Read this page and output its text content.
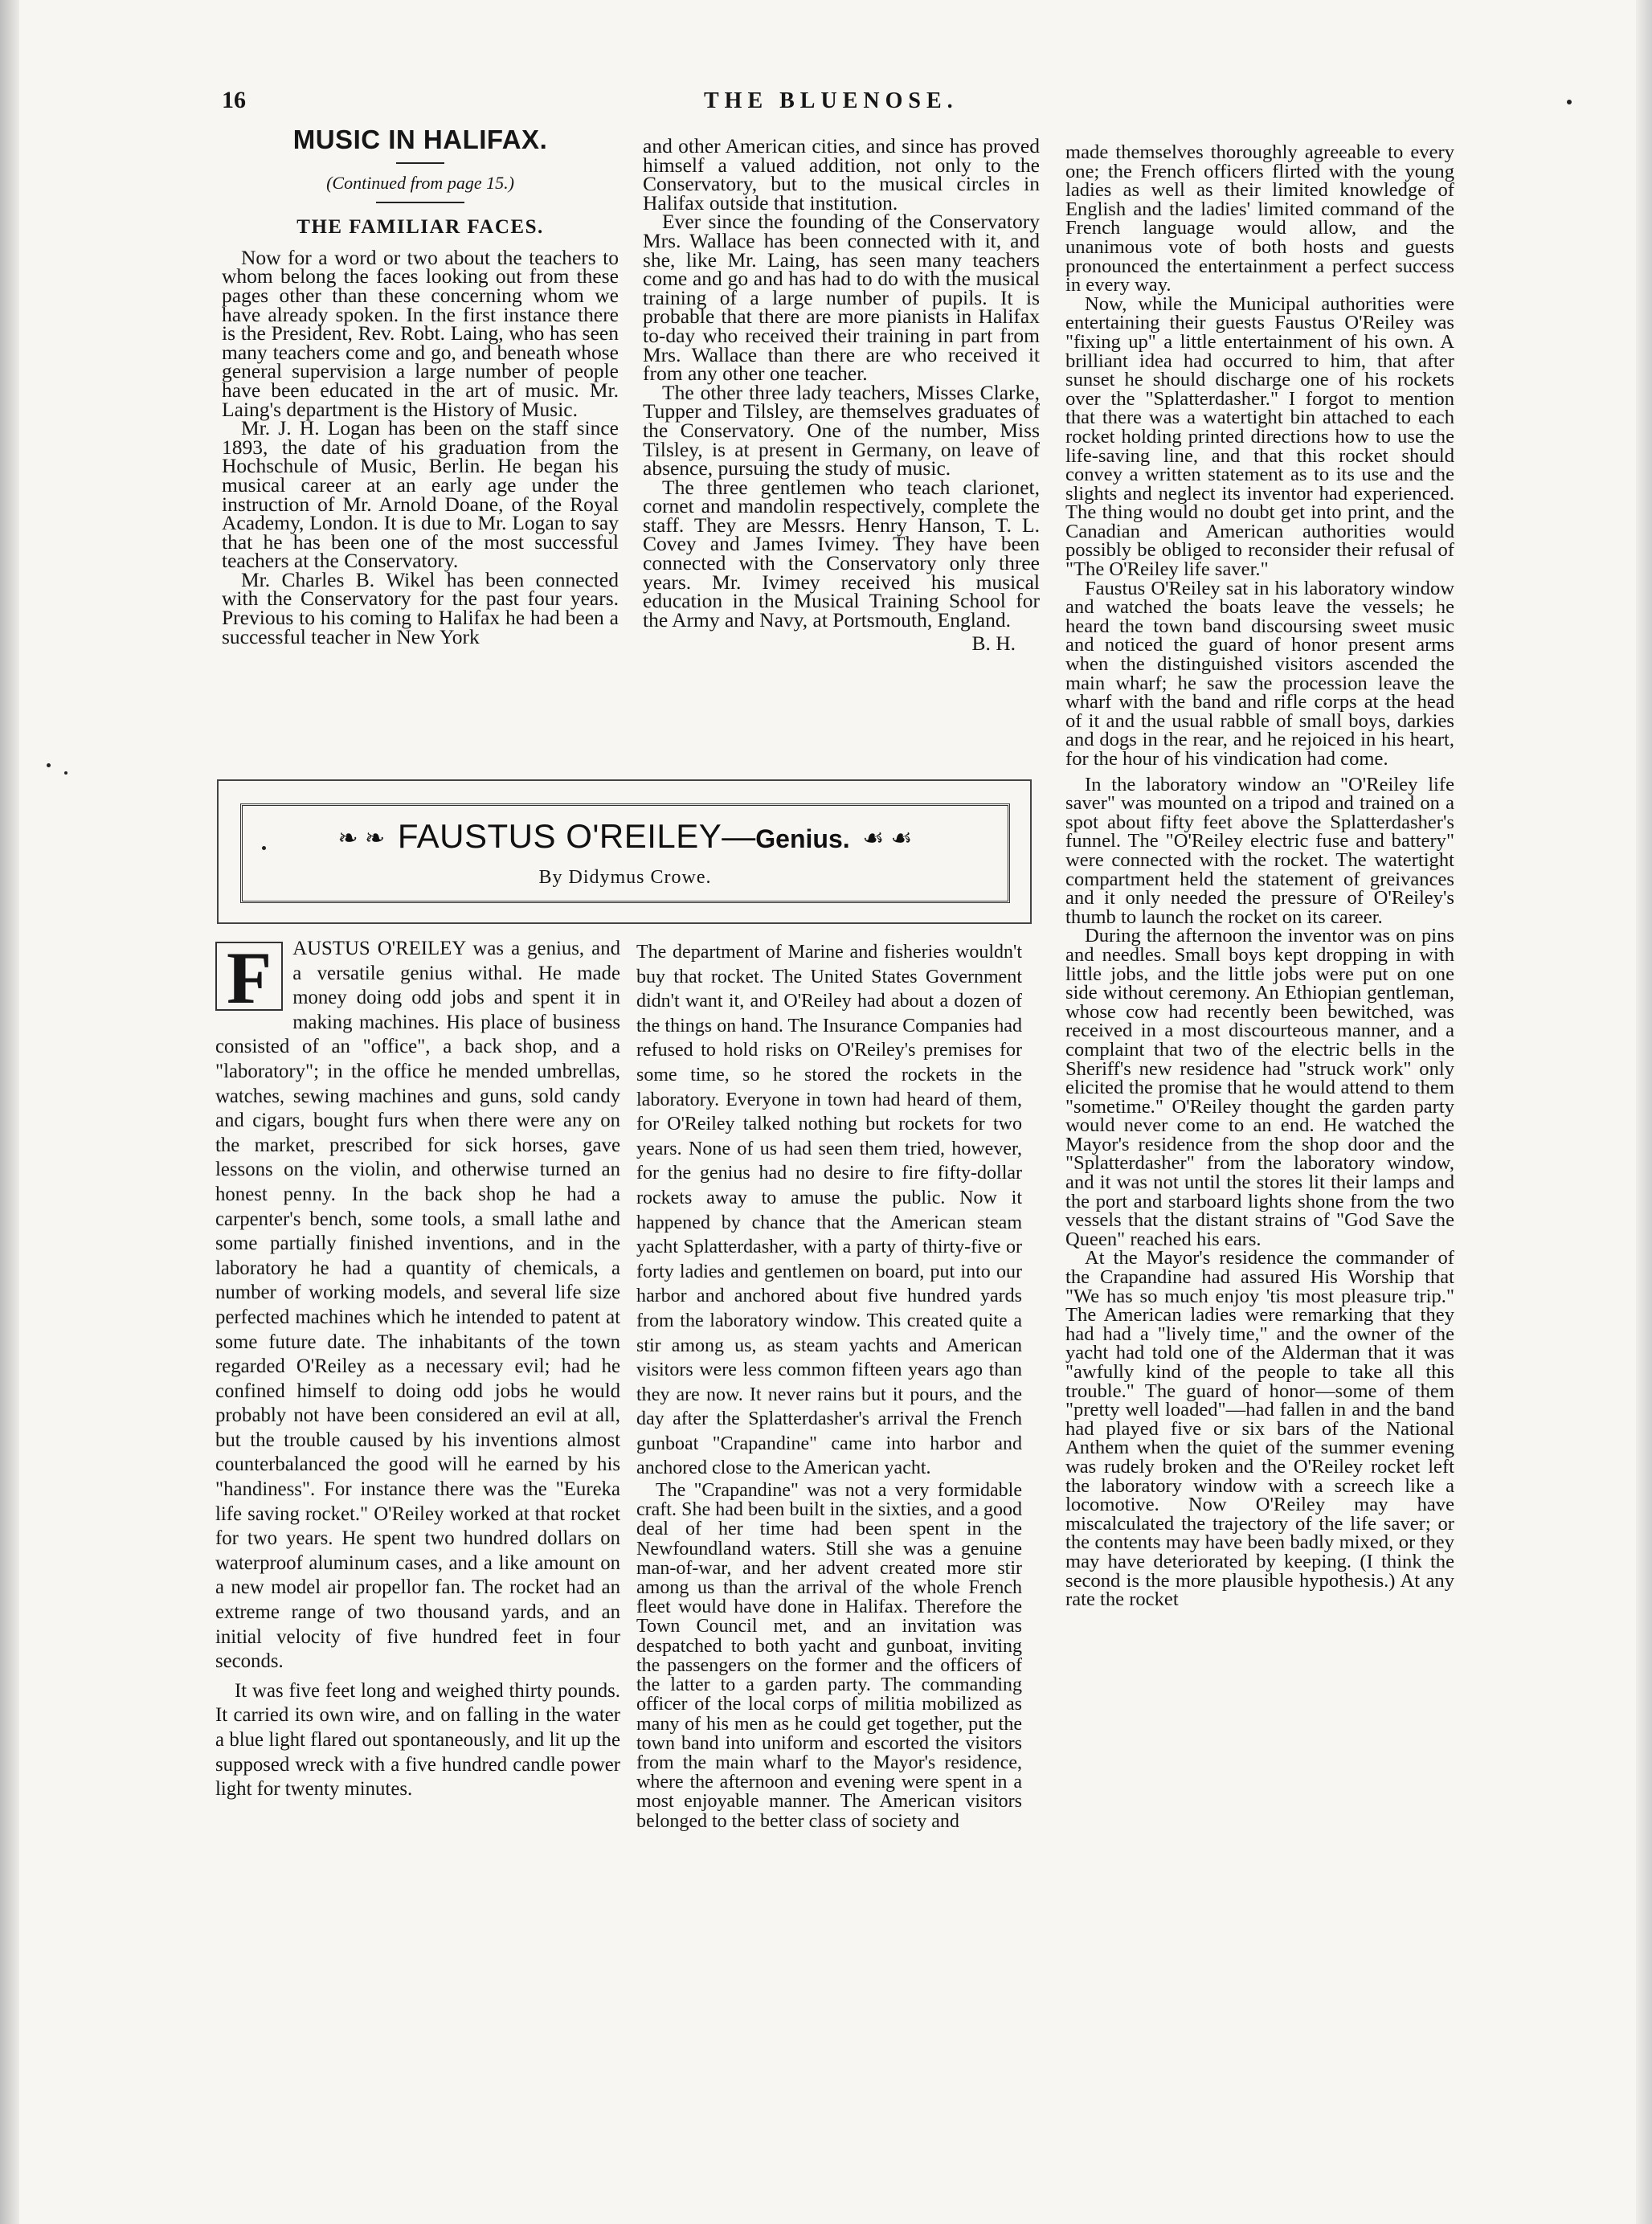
16	THE BLUENOSE.
MUSIC IN HALIFAX.
(Continued from page 15.)
THE FAMILIAR FACES.

Now for a word or two about the teachers to whom belong the faces looking out from these pages other than these concerning whom we have already spoken. In the first instance there is the President, Rev. Robt. Laing, who has seen many teachers come and go, and beneath whose general supervision a large number of people have been educated in the art of music. Mr. Laing's department is the History of Music.

Mr. J. H. Logan has been on the staff since 1893, the date of his graduation from the Hochschule of Music, Berlin. He began his musical career at an early age under the instruction of Mr. Arnold Doane, of the Royal Academy, London. It is due to Mr. Logan to say that he has been one of the most successful teachers at the Conservatory.

Mr. Charles B. Wikel has been connected with the Conservatory for the past four years. Previous to his coming to Halifax he had been a successful teacher in New York

and other American cities, and since has proved himself a valued addition, not only to the Conservatory, but to the musical circles in Halifax outside that institution.

Ever since the founding of the Conservatory Mrs. Wallace has been connected with it, and she, like Mr. Laing, has seen many teachers come and go and has had to do with the musical training of a large number of pupils. It is probable that there are more pianists in Halifax to-day who received their training in part from Mrs. Wallace than there are who received it from any other one teacher.

The other three lady teachers, Misses Clarke, Tupper and Tilsley, are themselves graduates of the Conservatory. One of the number, Miss Tilsley, is at present in Germany, on leave of absence, pursuing the study of music.

The three gentlemen who teach clarionet, cornet and mandolin respectively, complete the staff. They are Messrs. Henry Hanson, T. L. Covey and James Ivimey. They have been connected with the Conservatory only three years. Mr. Ivimey received his musical education in the Musical Training School for the Army and Navy, at Portsmouth, England.

B. H.
❧ ❧ FAUSTUS O'REILEY—Genius. ☙ ☙
By Didymus Crowe.

F	AUSTUS O'REILEY was a genius, and a versatile genius withal. He made money doing odd jobs and spent it in making machines. His place of business consisted of an "office", a back shop, and a "laboratory"; in the office he mended umbrellas, watches, sewing machines and guns, sold candy and cigars, bought furs when there were any on the market, prescribed for sick horses, gave lessons on the violin, and otherwise turned an honest penny. In the back shop he had a carpenter's bench, some tools, a small lathe and some partially finished inventions, and in the laboratory he had a quantity of chemicals, a number of working models, and several life size perfected machines which he intended to patent at some future date. The inhabitants of the town regarded O'Reiley as a necessary evil; had he confined himself to doing odd jobs he would probably not have been considered an evil at all, but the trouble caused by his inventions almost counterbalanced the good will he earned by his "handiness". For instance there was the "Eureka life saving rocket." O'Reiley worked at that rocket for two years. He spent two hundred dollars on waterproof aluminum cases, and a like amount on a new model air propellor fan. The rocket had an extreme range of two thousand yards, and an initial velocity of five hundred feet in four seconds.

It was five feet long and weighed thirty pounds. It carried its own wire, and on falling in the water a blue light flared out spontaneously, and lit up the supposed wreck with a five hundred candle power light for twenty minutes.

The department of Marine and fisheries wouldn't buy that rocket. The United States Government didn't want it, and O'Reiley had about a dozen of the things on hand. The Insurance Companies had refused to hold risks on O'Reiley's premises for some time, so he stored the rockets in the laboratory. Everyone in town had heard of them, for O'Reiley talked nothing but rockets for two years. None of us had seen them tried, however, for the genius had no desire to fire fifty-dollar rockets away to amuse the public. Now it happened by chance that the American steam yacht Splatterdasher, with a party of thirty-five or forty ladies and gentlemen on board, put into our harbor and anchored about five hundred yards from the laboratory window. This created quite a stir among us, as steam yachts and American visitors were less common fifteen years ago than they are now. It never rains but it pours, and the day after the Splatterdasher's arrival the French gunboat "Crapandine" came into harbor and anchored close to the American yacht.

The "Crapandine" was not a very formidable craft. She had been built in the sixties, and a good deal of her time had been spent in the Newfoundland waters. Still she was a genuine man-of-war, and her advent created more stir among us than the arrival of the whole French fleet would have done in Halifax. Therefore the Town Council met, and an invitation was despatched to both yacht and gunboat, inviting the passengers on the former and the officers of the latter to a garden party. The commanding officer of the local corps of militia mobilized as many of his men as he could get together, put the town band into uniform and escorted the visitors from the main wharf to the Mayor's residence, where the afternoon and evening were spent in a most enjoyable manner. The American visitors belonged to the better class of society and

made themselves thoroughly agreeable to every one; the French officers flirted with the young ladies as well as their limited knowledge of English and the ladies' limited command of the French language would allow, and the unanimous vote of both hosts and guests pronounced the entertainment a perfect success in every way.

Now, while the Municipal authorities were entertaining their guests Faustus O'Reiley was "fixing up" a little entertainment of his own. A brilliant idea had occurred to him, that after sunset he should discharge one of his rockets over the "Splatterdasher." I forgot to mention that there was a watertight bin attached to each rocket holding printed directions how to use the life-saving line, and that this rocket should convey a written statement as to its use and the slights and neglect its inventor had experienced. The thing would no doubt get into print, and the Canadian and American authorities would possibly be obliged to reconsider their refusal of "The O'Reiley life saver."

Faustus O'Reiley sat in his laboratory window and watched the boats leave the vessels; he heard the town band discoursing sweet music and noticed the guard of honor present arms when the distinguished visitors ascended the main wharf; he saw the procession leave the wharf with the band and rifle corps at the head of it and the usual rabble of small boys, darkies and dogs in the rear, and he rejoiced in his heart, for the hour of his vindication had come.

In the laboratory window an "O'Reiley life saver" was mounted on a tripod and trained on a spot about fifty feet above the Splatterdasher's funnel. The "O'Reiley electric fuse and battery" were connected with the rocket. The watertight compartment held the statement of greivances and it only needed the pressure of O'Reiley's thumb to launch the rocket on its career.

During the afternoon the inventor was on pins and needles. Small boys kept dropping in with little jobs, and the little jobs were put on one side without ceremony. An Ethiopian gentleman, whose cow had recently been bewitched, was received in a most discourteous manner, and a complaint that two of the electric bells in the Sheriff's new residence had "struck work" only elicited the promise that he would attend to them "sometime." O'Reiley thought the garden party would never come to an end. He watched the Mayor's residence from the shop door and the "Splatterdasher" from the laboratory window, and it was not until the stores lit their lamps and the port and starboard lights shone from the two vessels that the distant strains of "God Save the Queen" reached his ears.

At the Mayor's residence the commander of the Crapandine had assured His Worship that "We has so much enjoy 'tis most pleasure trip." The American ladies were remarking that they had had a "lively time," and the owner of the yacht had told one of the Alderman that it was "awfully kind of the people to take all this trouble." The guard of honor—some of them "pretty well loaded"—had fallen in and the band had played five or six bars of the National Anthem when the quiet of the summer evening was rudely broken and the O'Reiley rocket left the laboratory window with a screech like a locomotive. Now O'Reiley may have miscalculated the trajectory of the life saver; or the contents may have been badly mixed, or they may have deteriorated by keeping. (I think the second is the more plausible hypothesis.) At any rate the rocket
